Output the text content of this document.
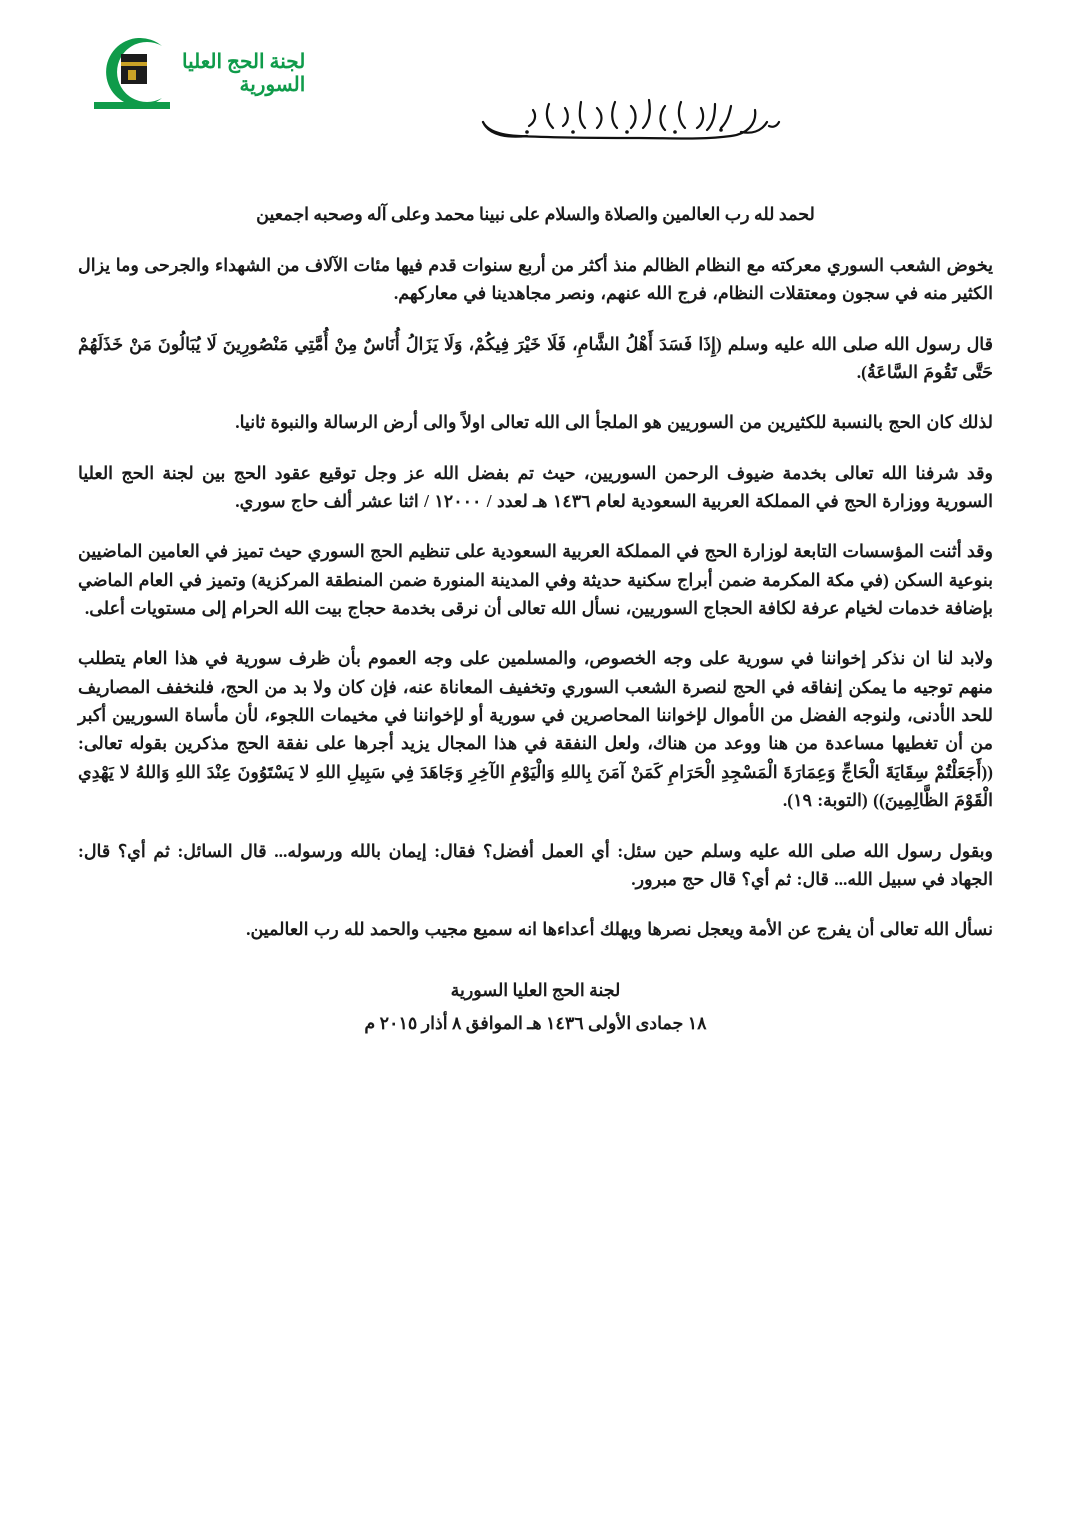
لجنة الحج العليا
السورية
لحمد لله رب العالمين والصلاة والسلام على نبينا محمد وعلى آله وصحبه اجمعين

يخوض الشعب السوري معركته مع النظام الظالم منذ أكثر من أربع سنوات قدم فيها مئات الآلاف من الشهداء والجرحى وما يزال الكثير منه في سجون ومعتقلات النظام، فرج الله عنهم، ونصر مجاهدينا في معاركهم.

قال رسول الله صلى الله عليه وسلم (إِذَا فَسَدَ أَهْلُ الشَّامِ، فَلَا خَيْرَ فِيكُمْ، وَلَا يَزَالُ أُنَاسٌ مِنْ أُمَّتِي مَنْصُورِينَ لَا يُبَالُونَ مَنْ خَذَلَهُمْ حَتَّى تَقُومَ السَّاعَةُ).

لذلك كان الحج بالنسبة للكثيرين من السوريين هو الملجأ الى الله تعالى اولاً والى أرض الرسالة والنبوة ثانيا.

وقد شرفنا الله تعالى بخدمة ضيوف الرحمن السوريين، حيث تم بفضل الله عز وجل توقيع عقود الحج بين لجنة الحج العليا السورية ووزارة الحج في المملكة العربية السعودية لعام ١٤٣٦ هـ لعدد / ١٢٠٠٠ / اثنا عشر ألف حاج سوري.

وقد أثنت المؤسسات التابعة لوزارة الحج في المملكة العربية السعودية على تنظيم الحج السوري حيث تميز في العامين الماضيين بنوعية السكن (في مكة المكرمة ضمن أبراج سكنية حديثة وفي المدينة المنورة ضمن المنطقة المركزية) وتميز في العام الماضي بإضافة خدمات لخيام عرفة لكافة الحجاج السوريين، نسأل الله تعالى أن نرقى بخدمة حجاج بيت الله الحرام إلى مستويات أعلى.

ولابد لنا ان نذكر إخواننا في سورية على وجه الخصوص، والمسلمين على وجه العموم بأن ظرف سورية في هذا العام يتطلب منهم توجيه ما يمكن إنفاقه في الحج لنصرة الشعب السوري وتخفيف المعاناة عنه، فإن كان ولا بد من الحج، فلنخفف المصاريف للحد الأدنى، ولنوجه الفضل من الأموال لإخواننا المحاصرين في سورية أو لإخواننا في مخيمات اللجوء، لأن مأساة السوريين أكبر من أن تغطيها مساعدة من هنا ووعد من هناك، ولعل النفقة في هذا المجال يزيد أجرها على نفقة الحج مذكرين بقوله تعالى: ((أَجَعَلْتُمْ سِقَايَةَ الْحَاجِّ وَعِمَارَةَ الْمَسْجِدِ الْحَرَامِ كَمَنْ آمَنَ بِاللهِ وَالْيَوْمِ الآخِرِ وَجَاهَدَ فِي سَبِيلِ اللهِ لا يَسْتَوُونَ عِنْدَ اللهِ وَاللهُ لا يَهْدِي الْقَوْمَ الظَّالِمِينَ)) (التوبة: ١٩).

وبقول رسول الله صلى الله عليه وسلم حين سئل: أي العمل أفضل؟ فقال: إيمان بالله ورسوله... قال السائل: ثم أي؟ قال: الجهاد في سبيل الله... قال: ثم أي؟ قال حج مبرور.

نسأل الله تعالى أن يفرج عن الأمة ويعجل نصرها ويهلك أعداءها انه سميع مجيب والحمد لله رب العالمين.

لجنة الحج العليا السورية
١٨ جمادى الأولى ١٤٣٦ هـ الموافق ٨ أذار ٢٠١٥ م
